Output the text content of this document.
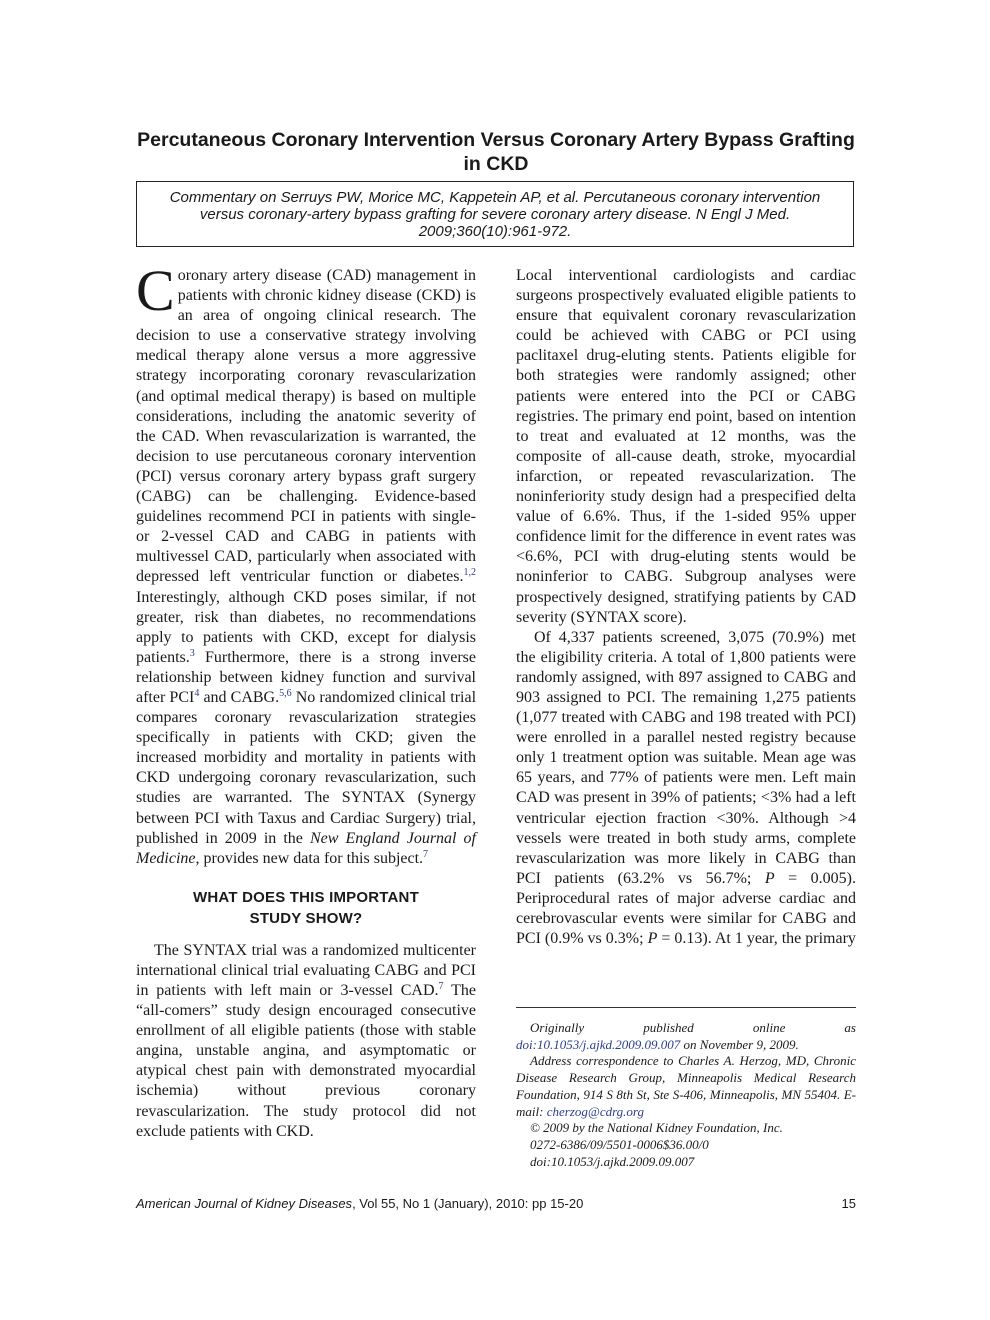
Percutaneous Coronary Intervention Versus Coronary Artery Bypass Grafting in CKD
Commentary on Serruys PW, Morice MC, Kappetein AP, et al. Percutaneous coronary intervention versus coronary-artery bypass grafting for severe coronary artery disease. N Engl J Med. 2009;360(10):961-972.

Coronary artery disease (CAD) management in patients with chronic kidney disease (CKD) is an area of ongoing clinical research. The decision to use a conservative strategy involving medical therapy alone versus a more aggressive strategy incorporating coronary revascularization (and optimal medical therapy) is based on multiple considerations, including the anatomic severity of the CAD. When revascularization is warranted, the decision to use percutaneous coronary intervention (PCI) versus coronary artery bypass graft surgery (CABG) can be challenging. Evidence-based guidelines recommend PCI in patients with single- or 2-vessel CAD and CABG in patients with multivessel CAD, particularly when associated with depressed left ventricular function or diabetes.$^{1,2}$ Interestingly, although CKD poses similar, if not greater, risk than diabetes, no recommendations apply to patients with CKD, except for dialysis patients.$^3$ Furthermore, there is a strong inverse relationship between kidney function and survival after PCI$^4$ and CABG.$^{5,6}$ No randomized clinical trial compares coronary revascularization strategies specifically in patients with CKD; given the increased morbidity and mortality in patients with CKD undergoing coronary revascularization, such studies are warranted. The SYNTAX (Synergy between PCI with Taxus and Cardiac Surgery) trial, published in 2009 in the New England Journal of Medicine, provides new data for this subject.$^7$

WHAT DOES THIS IMPORTANT
STUDY SHOW?

The SYNTAX trial was a randomized multicenter international clinical trial evaluating CABG and PCI in patients with left main or 3-vessel CAD.$^7$ The “all-comers” study design encouraged consecutive enrollment of all eligible patients (those with stable angina, unstable angina, and asymptomatic or atypical chest pain with demonstrated myocardial ischemia) without previous coronary revascularization. The study protocol did not exclude patients with CKD.

Local interventional cardiologists and cardiac surgeons prospectively evaluated eligible patients to ensure that equivalent coronary revascularization could be achieved with CABG or PCI using paclitaxel drug-eluting stents. Patients eligible for both strategies were randomly assigned; other patients were entered into the PCI or CABG registries. The primary end point, based on intention to treat and evaluated at 12 months, was the composite of all-cause death, stroke, myocardial infarction, or repeated revascularization. The noninferiority study design had a prespecified delta value of 6.6%. Thus, if the 1-sided 95% upper confidence limit for the difference in event rates was <6.6%, PCI with drug-eluting stents would be noninferior to CABG. Subgroup analyses were prospectively designed, stratifying patients by CAD severity (SYNTAX score).

Of 4,337 patients screened, 3,075 (70.9%) met the eligibility criteria. A total of 1,800 patients were randomly assigned, with 897 assigned to CABG and 903 assigned to PCI. The remaining 1,275 patients (1,077 treated with CABG and 198 treated with PCI) were enrolled in a parallel nested registry because only 1 treatment option was suitable. Mean age was 65 years, and 77% of patients were men. Left main CAD was present in 39% of patients; <3% had a left ventricular ejection fraction <30%. Although >4 vessels were treated in both study arms, complete revascularization was more likely in CABG than PCI patients (63.2% vs 56.7%; P = 0.005). Periprocedural rates of major adverse cardiac and cerebrovascular events were similar for CABG and PCI (0.9% vs 0.3%; P = 0.13). At 1 year, the primary

Originally published online as doi:10.1053/j.ajkd.2009.09.007 on November 9, 2009.

Address correspondence to Charles A. Herzog, MD, Chronic Disease Research Group, Minneapolis Medical Research Foundation, 914 S 8th St, Ste S-406, Minneapolis, MN 55404. E-mail: cherzog@cdrg.org

© 2009 by the National Kidney Foundation, Inc.

0272-6386/09/5501-0006$36.00/0

doi:10.1053/j.ajkd.2009.09.007

American Journal of Kidney Diseases, Vol 55, No 1 (January), 2010: pp 15-20	15
